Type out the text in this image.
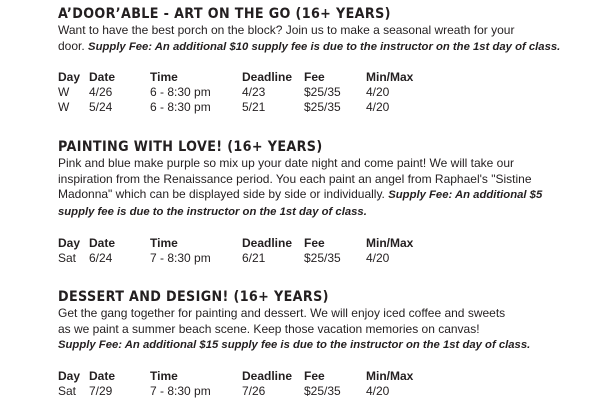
A’DOOR’ABLE - ART ON THE GO (16+ YEARS)

Want to have the best porch on the block? Join us to make a seasonal wreath for your

door. Supply Fee: An additional $10 supply fee is due to the instructor on the 1st day of class.

Day	Date	Time	Deadline	Fee	Min/Max
W	4/26	6 - 8:30 pm	4/23	$25/35	4/20
W	5/24	6 - 8:30 pm	5/21	$25/35	4/20
PAINTING WITH LOVE! (16+ YEARS)

Pink and blue make purple so mix up your date night and come paint! We will take our

inspiration from the Renaissance period. You each paint an angel from Raphael's "Sistine

Madonna" which can be displayed side by side or individually. Supply Fee: An additional $5

supply fee is due to the instructor on the 1st day of class.

Day	Date	Time	Deadline	Fee	Min/Max
Sat	6/24	7 - 8:30 pm	6/21	$25/35	4/20
DESSERT AND DESIGN! (16+ YEARS)

Get the gang together for painting and dessert. We will enjoy iced coffee and sweets

as we paint a summer beach scene. Keep those vacation memories on canvas!

Supply Fee: An additional $15 supply fee is due to the instructor on the 1st day of class.

Day	Date	Time	Deadline	Fee	Min/Max
Sat	7/29	7 - 8:30 pm	7/26	$25/35	4/20
